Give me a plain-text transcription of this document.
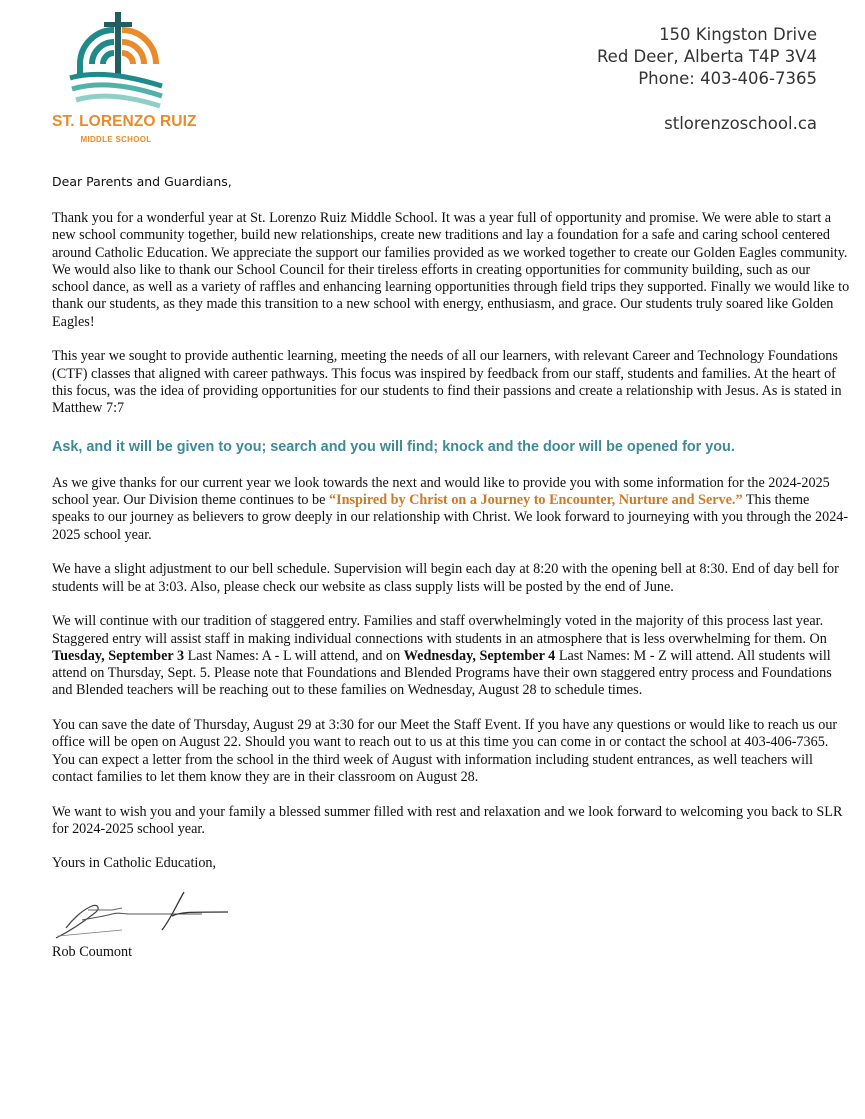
ST. LORENZO RUIZ
MIDDLE SCHOOL
150 Kingston Drive
Red Deer, Alberta T4P 3V4
Phone: 403-406-7365
stlorenzoschool.ca
Dear Parents and Guardians,

Thank you for a wonderful year at St. Lorenzo Ruiz Middle School. It was a year full of opportunity and promise. We were able to start a new school community together, build new relationships, create new traditions and lay a foundation for a safe and caring school centered around Catholic Education. We appreciate the support our families provided as we worked together to create our Golden Eagles community. We would also like to thank our School Council for their tireless efforts in creating opportunities for community building, such as our school dance, as well as a variety of raffles and enhancing learning opportunities through field trips they supported. Finally we would like to thank our students, as they made this transition to a new school with energy, enthusiasm, and grace. Our students truly soared like Golden Eagles!

This year we sought to provide authentic learning, meeting the needs of all our learners, with relevant Career and Technology Foundations (CTF) classes that aligned with career pathways. This focus was inspired by feedback from our staff, students and families. At the heart of this focus, was the idea of providing opportunities for our students to find their passions and create a relationship with Jesus. As is stated in Matthew 7:7

Ask, and it will be given to you; search and you will find; knock and the door will be opened for you.

As we give thanks for our current year we look towards the next and would like to provide you with some information for the 2024-2025 school year. Our Division theme continues to be “Inspired by Christ on a Journey to Encounter, Nurture and Serve.” This theme speaks to our journey as believers to grow deeply in our relationship with Christ. We look forward to journeying with you through the 2024-2025 school year.

We have a slight adjustment to our bell schedule. Supervision will begin each day at 8:20 with the opening bell at 8:30. End of day bell for students will be at 3:03. Also, please check our website as class supply lists will be posted by the end of June.

We will continue with our tradition of staggered entry. Families and staff overwhelmingly voted in the majority of this process last year. Staggered entry will assist staff in making individual connections with students in an atmosphere that is less overwhelming for them. On Tuesday, September 3 Last Names: A - L will attend, and on Wednesday, September 4 Last Names: M - Z will attend. All students will attend on Thursday, Sept. 5. Please note that Foundations and Blended Programs have their own staggered entry process and Foundations and Blended teachers will be reaching out to these families on Wednesday, August 28 to schedule times.

You can save the date of Thursday, August 29 at 3:30 for our Meet the Staff Event. If you have any questions or would like to reach us our office will be open on August 22. Should you want to reach out to us at this time you can come in or contact the school at 403-406-7365. You can expect a letter from the school in the third week of August with information including student entrances, as well teachers will contact families to let them know they are in their classroom on August 28.

We want to wish you and your family a blessed summer filled with rest and relaxation and we look forward to welcoming you back to SLR for 2024-2025 school year.

Yours in Catholic Education,

Rob Coumont
